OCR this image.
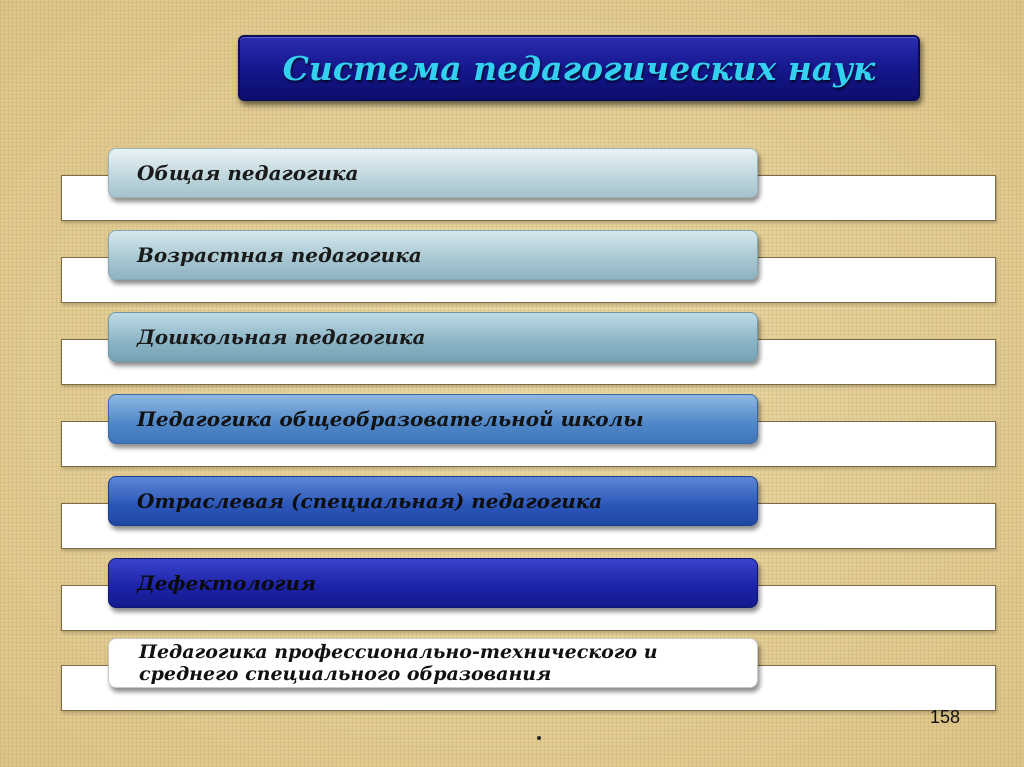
Система педагогических наук
Общая педагогика
Возрастная педагогика
Дошкольная педагогика
Педагогика общеобразовательной школы
Отраслевая (специальная) педагогика
Дефектология
Педагогика профессионально-технического и среднего специального образования
158
